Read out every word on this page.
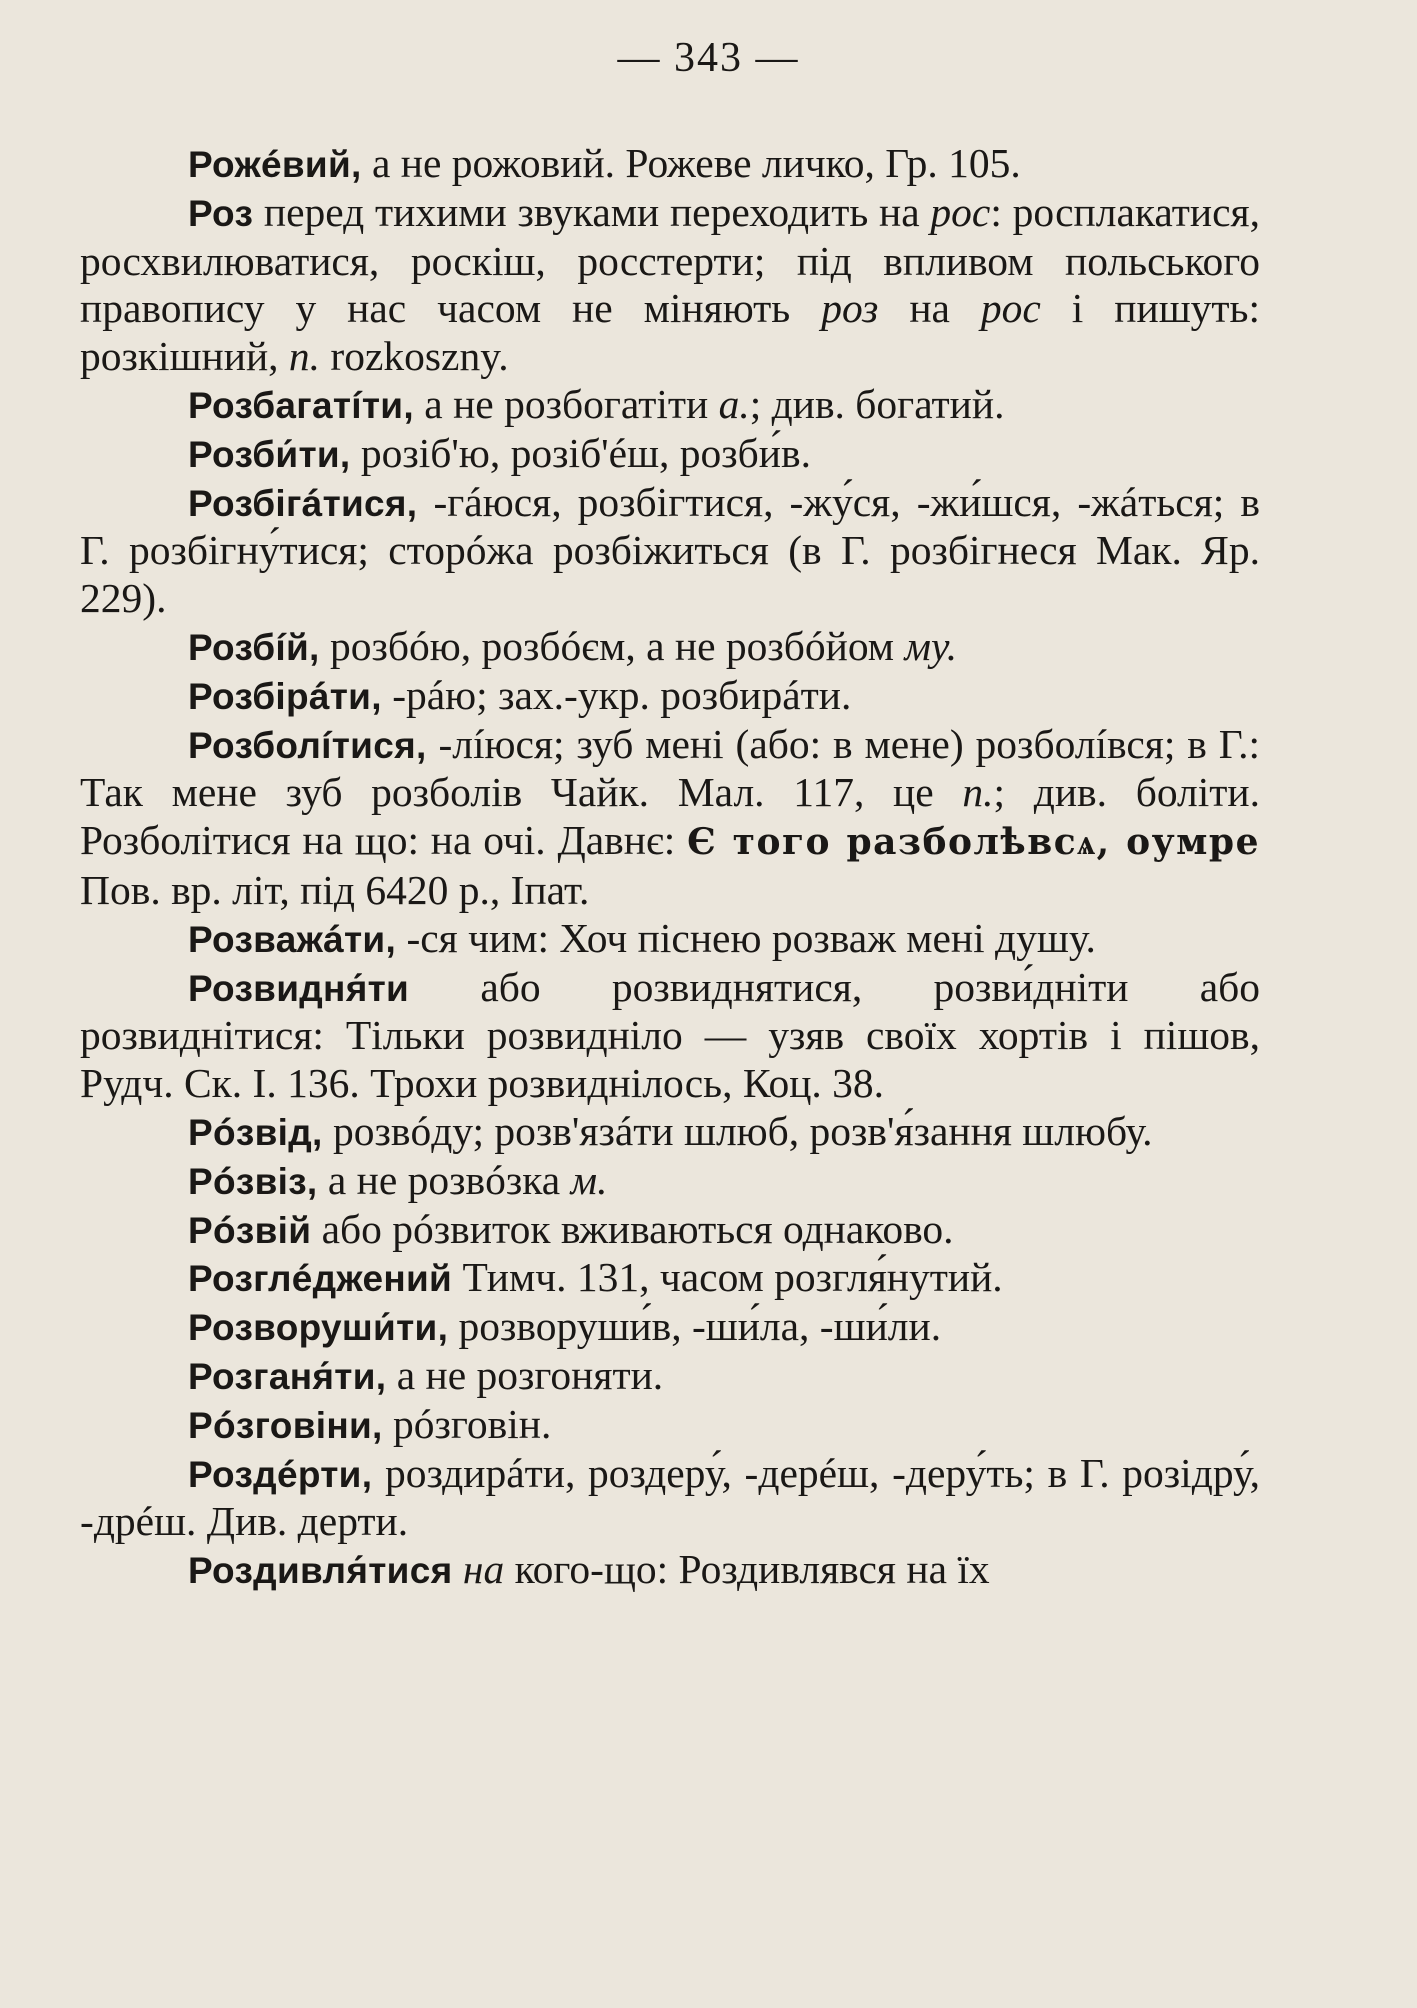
— 343 —

Рожéвий, а не рожовий. Рожеве личко, Гр. 105.

Роз перед тихими звуками переходить на рос: росплакатися, росхвилюватися, роскіш, росстерти; під впливом польського правопису у нас часом не міняють роз на рос і пишуть: розкішний, п. rozkoszny.

Розбагатíти, а не розбогатіти а.; див. богатий.

Розби́ти, розіб'ю, розіб'éш, розби́в.

Розбігáтися, -гáюся, розбігтися, -жу́ся, -жи́шся, -жáться; в Г. розбігну́тися; сторóжа розбіжиться (в Г. розбігнеся Мак. Яр. 229).

Розбíй, розбóю, розбóєм, а не розбóйом му.

Розбірáти, -рáю; зах.-укр. розбирáти.

Розболíтися, -лíюся; зуб мені (або: в мене) розболíвся; в Г.: Так мене зуб розболів Чайк. Мал. 117, це п.; див. боліти. Розболітися на що: на очі. Давнє: Є того разболѣвсѧ, оумре Пов. вр. літ, під 6420 р., Іпат.

Розважáти, -ся чим: Хоч піснею розваж мені душу.

Розвидня́ти або розвиднятися, розви́днiти або розвиднітися: Тільки розвидніло — узяв своїх хортів і пішов, Рудч. Ск. І. 136. Трохи розвиднілось, Коц. 38.

Рóзвід, розвóду; розв'язáти шлюб, розв'я́зання шлюбу.

Рóзвіз, а не розвóзка м.

Рóзвій або рóзвиток вживаються однаково.

Розглéджений Тимч. 131, часом розгля́нутий.

Розворуши́ти, розворуши́в, -ши́ла, -ши́ли.

Розганя́ти, а не розгоняти.

Рóзговіни, рóзговін.

Роздéрти, роздирáти, роздеру́, -дерéш, -деру́ть; в Г. розідру́, -дрéш. Див. дерти.

Роздивля́тися на кого-що: Роздивлявся на їх
